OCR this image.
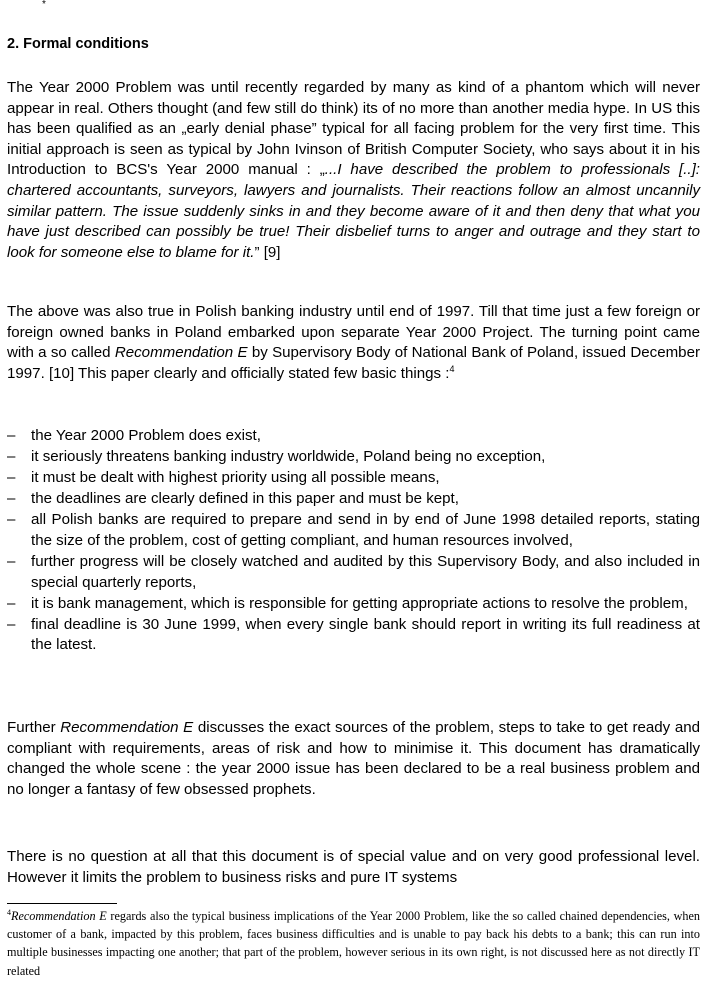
*
2. Formal conditions

The Year 2000 Problem was until recently regarded by many as kind of a phantom which will never appear in real. Others thought (and few still do think) its of no more than another media hype. In US this has been qualified as an „early denial phase” typical for all facing problem for the very first time. This initial approach is seen as typical by John Ivinson of British Computer Society, who says about it in his Introduction to BCS's Year 2000 manual : „...I have described the problem to professionals [..]: chartered accountants, surveyors, lawyers and journalists. Their reactions follow an almost uncannily similar pattern. The issue suddenly sinks in and they become aware of it and then deny that what you have just described can possibly be true! Their disbelief turns to anger and outrage and they start to look for someone else to blame for it.” [9]

The above was also true in Polish banking industry until end of 1997. Till that time just a few foreign or foreign owned banks in Poland embarked upon separate Year 2000 Project. The turning point came with a so called Recommendation E by Supervisory Body of National Bank of Poland, issued December 1997. [10] This paper clearly and officially stated few basic things :$^4$

– the Year 2000 Problem does exist,
– it seriously threatens banking industry worldwide, Poland being no exception,
– it must be dealt with highest priority using all possible means,
– the deadlines are clearly defined in this paper and must be kept,
– all Polish banks are required to prepare and send in by end of June 1998 detailed reports, stating the size of the problem, cost of getting compliant, and human resources involved,
– further progress will be closely watched and audited by this Supervisory Body, and also included in special quarterly reports,
– it is bank management, which is responsible for getting appropriate actions to resolve the problem,
– final deadline is 30 June 1999, when every single bank should report in writing its full readiness at the latest.

Further Recommendation E discusses the exact sources of the problem, steps to take to get ready and compliant with requirements, areas of risk and how to minimise it. This document has dramatically changed the whole scene : the year 2000 issue has been declared to be a real business problem and no longer a fantasy of few obsessed prophets.

There is no question at all that this document is of special value and on very good professional level. However it limits the problem to business risks and pure IT systems

$^4$Recommendation E regards also the typical business implications of the Year 2000 Problem, like the so called chained dependencies, when customer of a bank, impacted by this problem, faces business difficulties and is unable to pay back his debts to a bank; this can run into multiple businesses impacting one another; that part of the problem, however serious in its own right, is not discussed here as not directly IT related
